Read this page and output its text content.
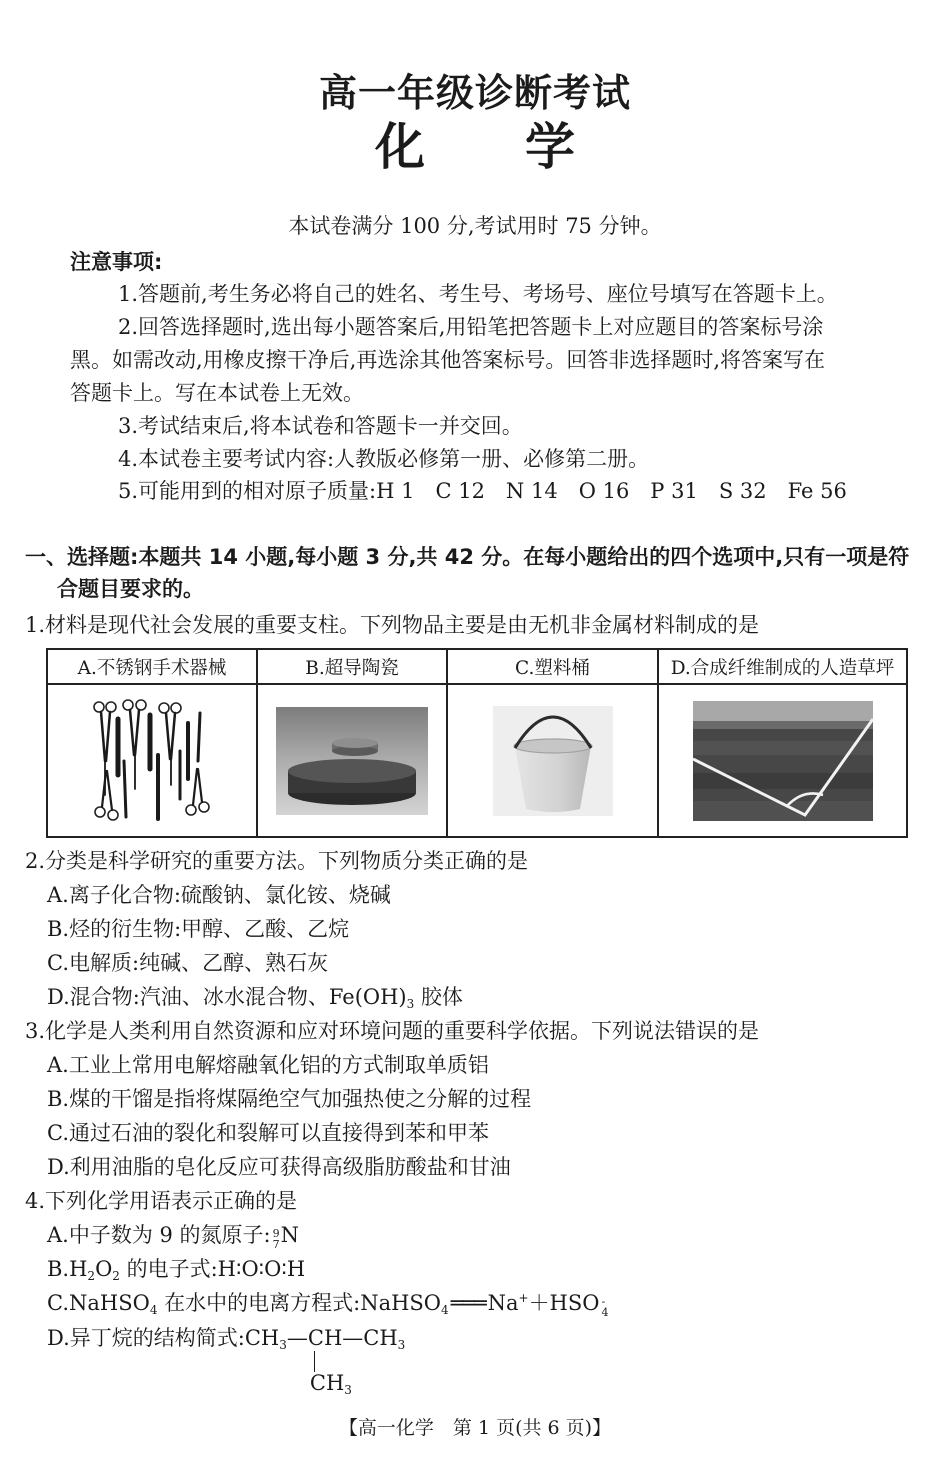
高一年级诊断考试
化　　学
本试卷满分 100 分,考试用时 75 分钟。
注意事项:
1.答题前,考生务必将自己的姓名、考生号、考场号、座位号填写在答题卡上。
2.回答选择题时,选出每小题答案后,用铅笔把答题卡上对应题目的答案标号涂
黑。如需改动,用橡皮擦干净后,再选涂其他答案标号。回答非选择题时,将答案写在
答题卡上。写在本试卷上无效。
3.考试结束后,将本试卷和答题卡一并交回。
4.本试卷主要考试内容:人教版必修第一册、必修第二册。
5.可能用到的相对原子质量:H 1　C 12　N 14　O 16　P 31　S 32　Fe 56
一、选择题:本题共 14 小题,每小题 3 分,共 42 分。在每小题给出的四个选项中,只有一项是符
合题目要求的。
1.材料是现代社会发展的重要支柱。下列物品主要是由无机非金属材料制成的是
A.不锈钢手术器械	B.超导陶瓷	C.塑料桶	D.合成纤维制成的人造草坪
2.分类是科学研究的重要方法。下列物质分类正确的是
A.离子化合物:硫酸钠、氯化铵、烧碱
B.烃的衍生物:甲醇、乙酸、乙烷
C.电解质:纯碱、乙醇、熟石灰
D.混合物:汽油、冰水混合物、$Fe(OH)_3$ 胶体
3.化学是人类利用自然资源和应对环境问题的重要科学依据。下列说法错误的是
A.工业上常用电解熔融氧化铝的方式制取单质铝
B.煤的干馏是指将煤隔绝空气加强热使之分解的过程
C.通过石油的裂化和裂解可以直接得到苯和甲苯
D.利用油脂的皂化反应可获得高级脂肪酸盐和甘油
4.下列化学用语表示正确的是
A.中子数为 9 的氮原子: 9
7 N
$B.H_2O_2$ 的电子式:H∶O∶O∶H
C.NaHSO$_4$ 在水中的电离方程式:NaHSO$_4$═══Na+＋HSO -
4
D.异丁烷的结构简式$:CH_3—CH$
$CH_3$
$—CH_3$
【高一化学　第 1 页(共 6 页)】
